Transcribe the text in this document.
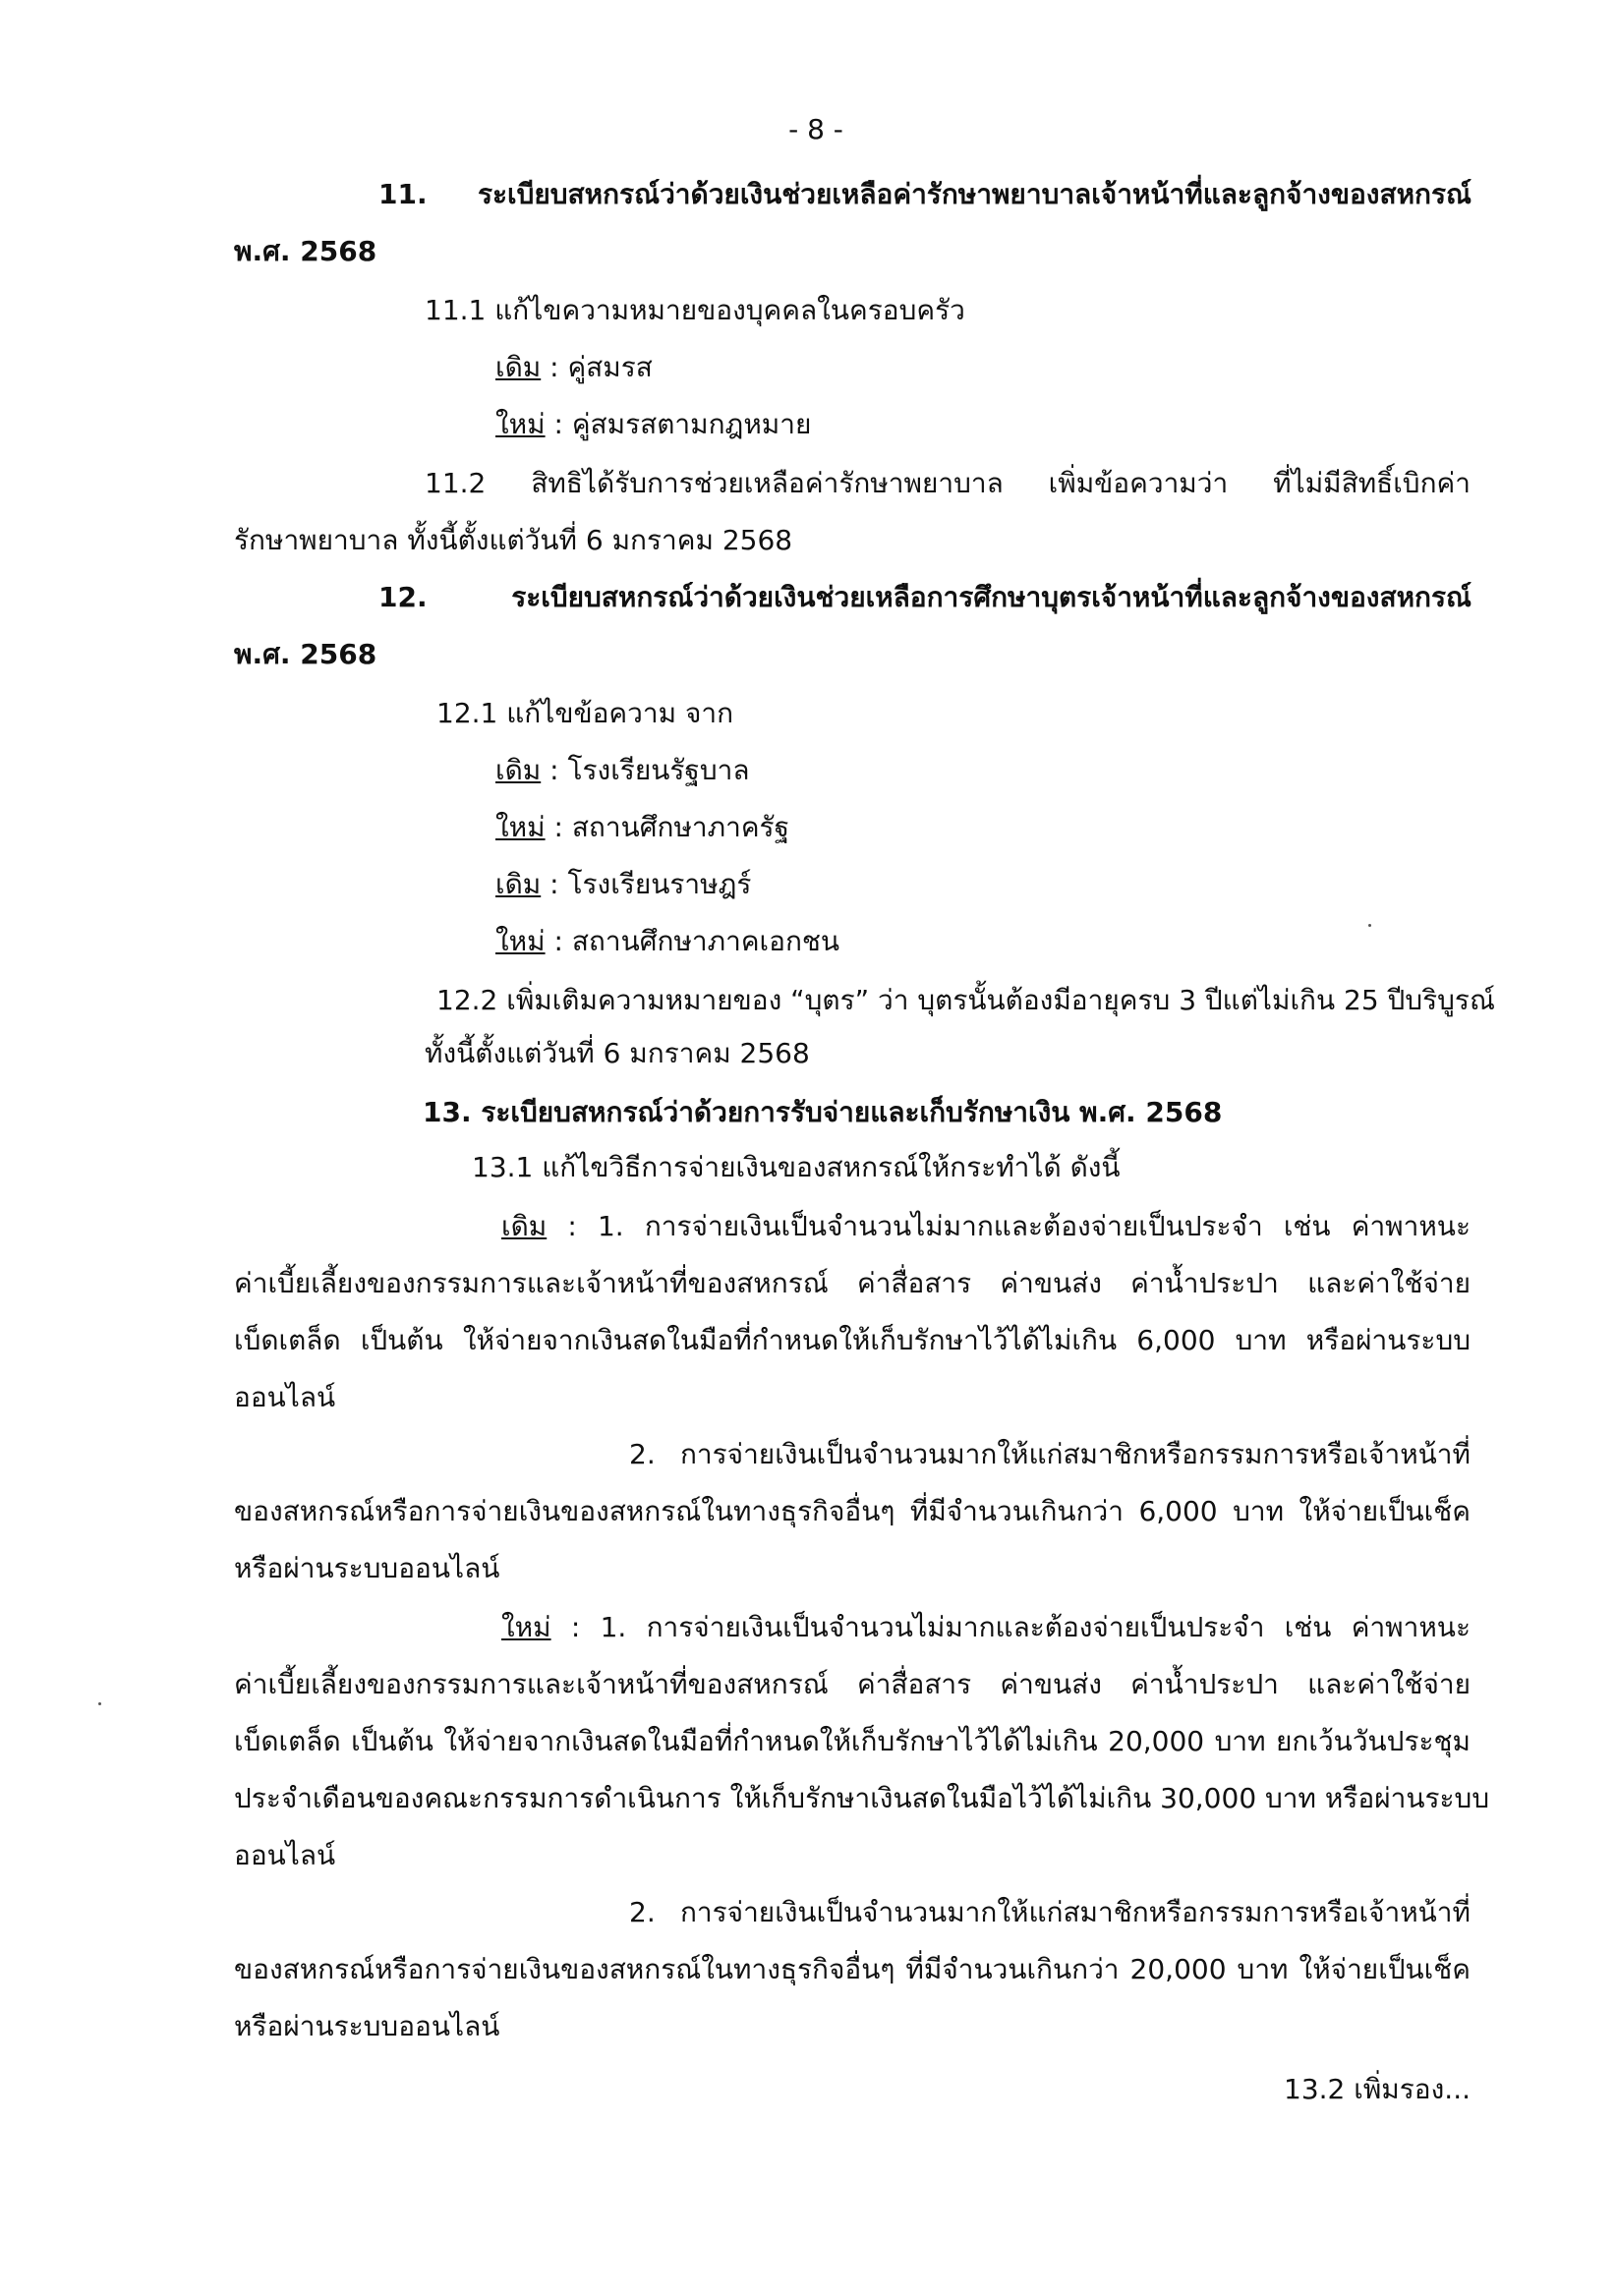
- 8 -
11. ระเบียบสหกรณ์ว่าด้วยเงินช่วยเหลือค่ารักษาพยาบาลเจ้าหน้าที่และลูกจ้างของสหกรณ์
พ.ศ. 2568
11.1 แก้ไขความหมายของบุคคลในครอบครัว
เดิม : คู่สมรส
ใหม่ : คู่สมรสตามกฎหมาย
11.2 สิทธิได้รับการช่วยเหลือค่ารักษาพยาบาล เพิ่มข้อความว่า ที่ไม่มีสิทธิ์เบิกค่า
รักษาพยาบาล ทั้งนี้ตั้งแต่วันที่ 6 มกราคม 2568
12. ระเบียบสหกรณ์ว่าด้วยเงินช่วยเหลือการศึกษาบุตรเจ้าหน้าที่และลูกจ้างของสหกรณ์
พ.ศ. 2568
12.1 แก้ไขข้อความ จาก
เดิม : โรงเรียนรัฐบาล
ใหม่ : สถานศึกษาภาครัฐ
เดิม : โรงเรียนราษฎร์
ใหม่ : สถานศึกษาภาคเอกชน
12.2 เพิ่มเติมความหมายของ “บุตร” ว่า บุตรนั้นต้องมีอายุครบ 3 ปีแต่ไม่เกิน 25 ปีบริบูรณ์
ทั้งนี้ตั้งแต่วันที่ 6 มกราคม 2568
13. ระเบียบสหกรณ์ว่าด้วยการรับจ่ายและเก็บรักษาเงิน พ.ศ. 2568
13.1 แก้ไขวิธีการจ่ายเงินของสหกรณ์ให้กระทำได้ ดังนี้
เดิม : 1. การจ่ายเงินเป็นจำนวนไม่มากและต้องจ่ายเป็นประจำ เช่น ค่าพาหนะ
ค่าเบี้ยเลี้ยงของกรรมการและเจ้าหน้าที่ของสหกรณ์ ค่าสื่อสาร ค่าขนส่ง ค่าน้ำประปา และค่าใช้จ่าย
เบ็ดเตล็ด เป็นต้น ให้จ่ายจากเงินสดในมือที่กำหนดให้เก็บรักษาไว้ได้ไม่เกิน 6,000 บาท หรือผ่านระบบ
ออนไลน์
2. การจ่ายเงินเป็นจำนวนมากให้แก่สมาชิกหรือกรรมการหรือเจ้าหน้าที่
ของสหกรณ์หรือการจ่ายเงินของสหกรณ์ในทางธุรกิจอื่นๆ ที่มีจำนวนเกินกว่า 6,000 บาท ให้จ่ายเป็นเช็ค
หรือผ่านระบบออนไลน์
ใหม่ : 1. การจ่ายเงินเป็นจำนวนไม่มากและต้องจ่ายเป็นประจำ เช่น ค่าพาหนะ
ค่าเบี้ยเลี้ยงของกรรมการและเจ้าหน้าที่ของสหกรณ์ ค่าสื่อสาร ค่าขนส่ง ค่าน้ำประปา และค่าใช้จ่าย
เบ็ดเตล็ด เป็นต้น ให้จ่ายจากเงินสดในมือที่กำหนดให้เก็บรักษาไว้ได้ไม่เกิน 20,000 บาท ยกเว้นวันประชุม
ประจำเดือนของคณะกรรมการดำเนินการ ให้เก็บรักษาเงินสดในมือไว้ได้ไม่เกิน 30,000 บาท หรือผ่านระบบ
ออนไลน์
2. การจ่ายเงินเป็นจำนวนมากให้แก่สมาชิกหรือกรรมการหรือเจ้าหน้าที่
ของสหกรณ์หรือการจ่ายเงินของสหกรณ์ในทางธุรกิจอื่นๆ ที่มีจำนวนเกินกว่า 20,000 บาท ให้จ่ายเป็นเช็ค
หรือผ่านระบบออนไลน์
13.2 เพิ่มรอง...
